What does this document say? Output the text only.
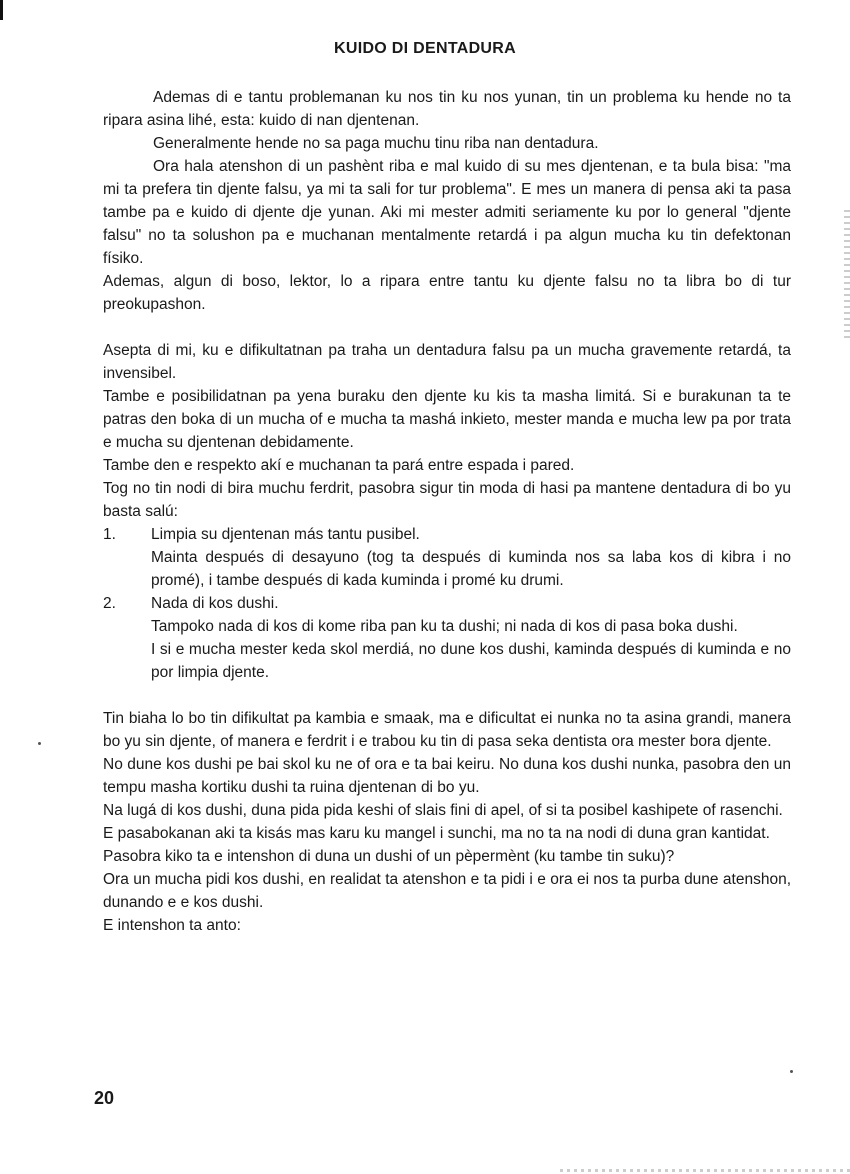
KUIDO DI DENTADURA

Ademas di e tantu problemanan ku nos tin ku nos yunan, tin un problema ku hende no ta ripara asina lihé, esta: kuido di nan djentenan.

Generalmente hende no sa paga muchu tinu riba nan dentadura.

Ora hala atenshon di un pashènt riba e mal kuido di su mes djentenan, e ta bula bisa: "ma mi ta prefera tin djente falsu, ya mi ta sali for tur problema". E mes un manera di pensa aki ta pasa tambe pa e kuido di djente dje yunan. Aki mi mester admiti seriamente ku por lo general "djente falsu" no ta solushon pa e muchanan mentalmente retardá i pa algun mucha ku tin defektonan físiko.

Ademas, algun di boso, lektor, lo a ripara entre tantu ku djente falsu no ta libra bo di tur preokupashon.

Asepta di mi, ku e difikultatnan pa traha un dentadura falsu pa un mucha gravemente retardá, ta invensibel.

Tambe e posibilidatnan pa yena buraku den djente ku kis ta masha limitá. Si e burakunan ta te patras den boka di un mucha of e mucha ta mashá inkieto, mester manda e mucha lew pa por trata e mucha su djentenan debidamente.

Tambe den e respekto akí e muchanan ta pará entre espada i pared.

Tog no tin nodi di bira muchu ferdrit, pasobra sigur tin moda di hasi pa mantene dentadura di bo yu basta salú:

1. Limpia su djentenan más tantu pusibel.

Mainta después di desayuno (tog ta después di kuminda nos sa laba kos di kibra i no promé), i tambe después di kada kuminda i promé ku drumi.

2. Nada di kos dushi.

Tampoko nada di kos di kome riba pan ku ta dushi; ni nada di kos di pasa boka dushi.

I si e mucha mester keda skol merdiá, no dune kos dushi, kaminda después di kuminda e no por limpia djente.

Tin biaha lo bo tin difikultat pa kambia e smaak, ma e dificultat ei nunka no ta asina grandi, manera bo yu sin djente, of manera e ferdrit i e trabou ku tin di pasa seka dentista ora mester bora djente.

No dune kos dushi pe bai skol ku ne of ora e ta bai keiru. No duna kos dushi nunka, pasobra den un tempu masha kortiku dushi ta ruina djentenan di bo yu.

Na lugá di kos dushi, duna pida pida keshi of slais fini di apel, of si ta posibel kashipete of rasenchi.

E pasabokanan aki ta kisás mas karu ku mangel i sunchi, ma no ta na nodi di duna gran kantidat.

Pasobra kiko ta e intenshon di duna un dushi of un pèpermènt (ku tambe tin suku)?

Ora un mucha pidi kos dushi, en realidat ta atenshon e ta pidi i e ora ei nos ta purba dune atenshon, dunando e e kos dushi.

E intenshon ta anto:

20
